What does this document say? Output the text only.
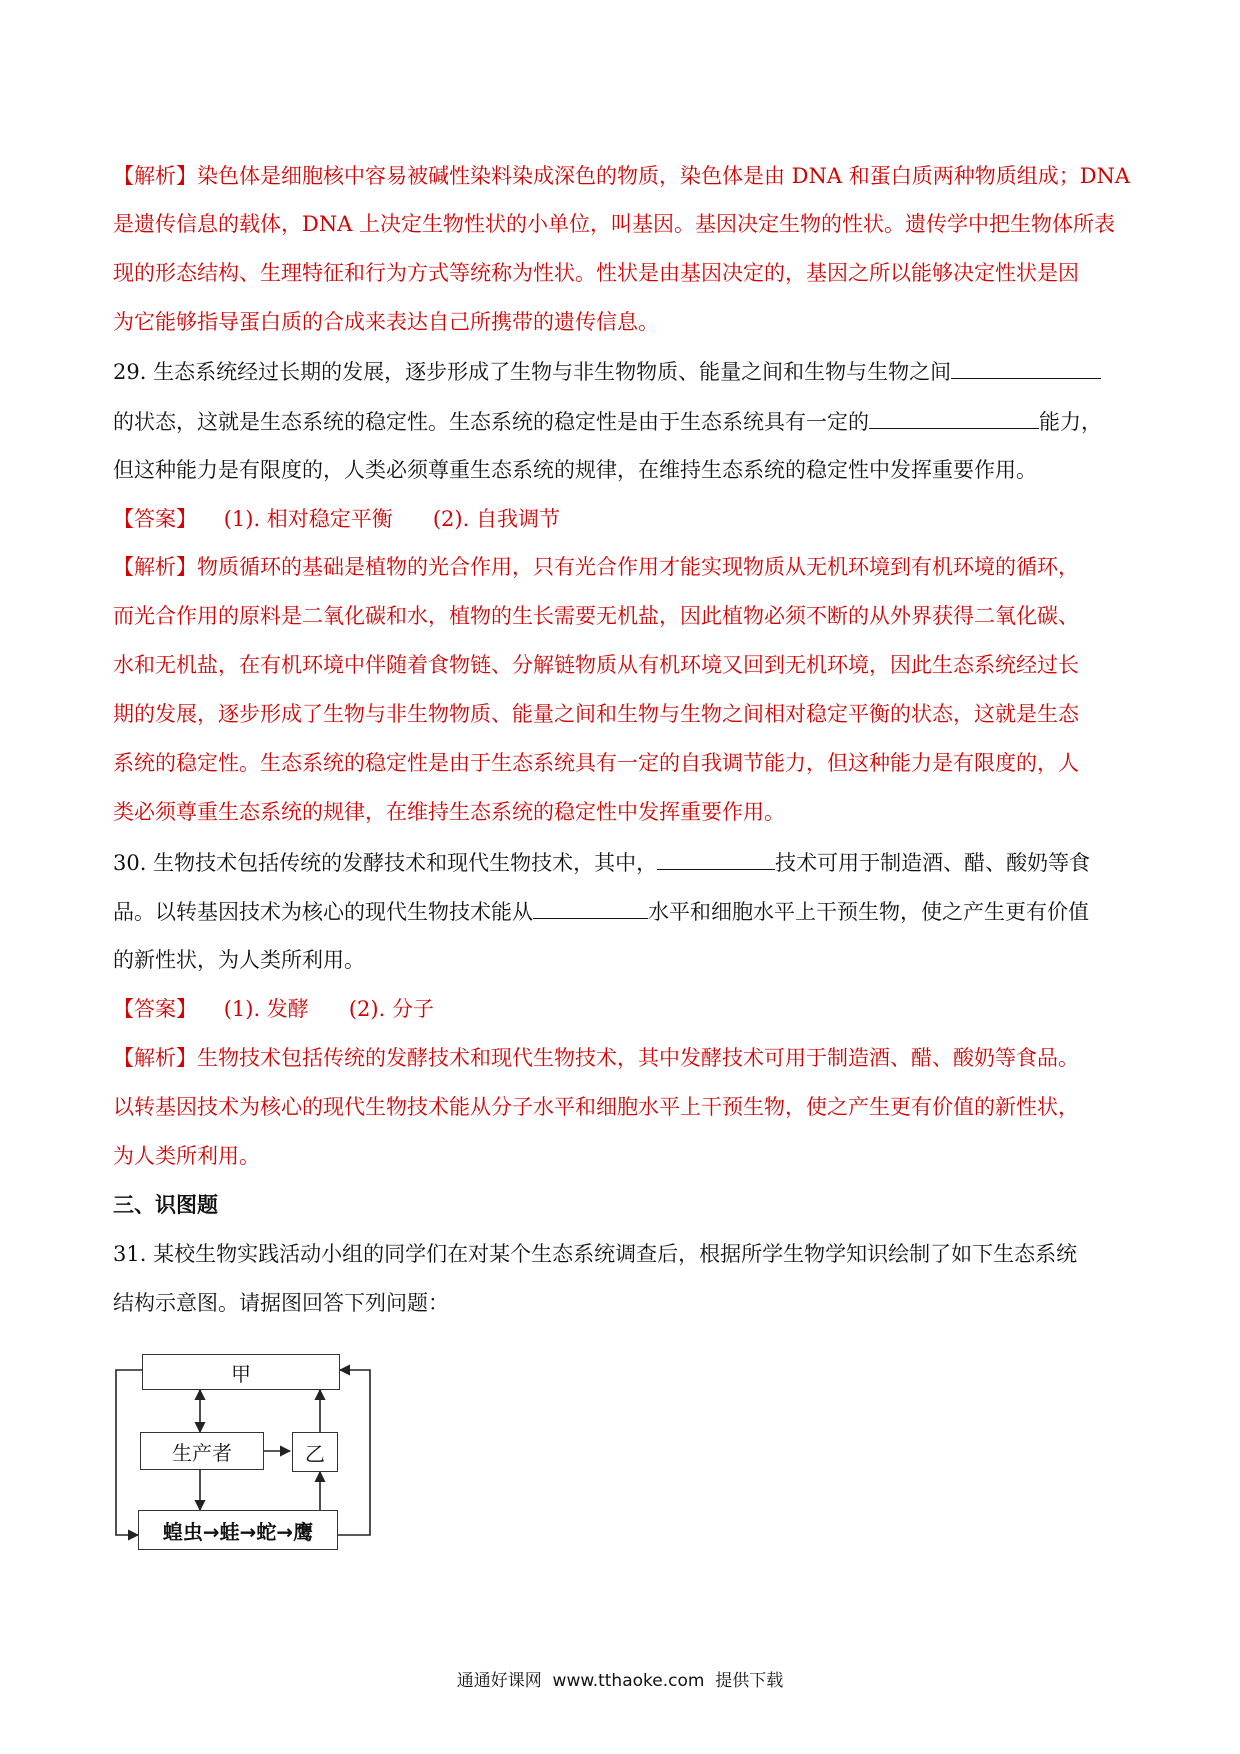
【解析】染色体是细胞核中容易被碱性染料染成深色的物质，染色体是由 DNA 和蛋白质两种物质组成；DNA
是遗传信息的载体，DNA 上决定生物性状的小单位，叫基因。基因决定生物的性状。遗传学中把生物体所表
现的形态结构、生理特征和行为方式等统称为性状。性状是由基因决定的，基因之所以能够决定性状是因
为它能够指导蛋白质的合成来表达自己所携带的遗传信息。
29. 生态系统经过长期的发展，逐步形成了生物与非生物物质、能量之间和生物与生物之间
的状态，这就是生态系统的稳定性。生态系统的稳定性是由于生态系统具有一定的	能力，
但这种能力是有限度的，人类必须尊重生态系统的规律，在维持生态系统的稳定性中发挥重要作用。
【答案】    (1). 相对稳定平衡      (2). 自我调节
【解析】物质循环的基础是植物的光合作用，只有光合作用才能实现物质从无机环境到有机环境的循环，
而光合作用的原料是二氧化碳和水，植物的生长需要无机盐，因此植物必须不断的从外界获得二氧化碳、
水和无机盐，在有机环境中伴随着食物链、分解链物质从有机环境又回到无机环境，因此生态系统经过长
期的发展，逐步形成了生物与非生物物质、能量之间和生物与生物之间相对稳定平衡的状态，这就是生态
系统的稳定性。生态系统的稳定性是由于生态系统具有一定的自我调节能力，但这种能力是有限度的，人
类必须尊重生态系统的规律，在维持生态系统的稳定性中发挥重要作用。
30. 生物技术包括传统的发酵技术和现代生物技术，其中，	技术可用于制造酒、醋、酸奶等食
品。以转基因技术为核心的现代生物技术能从	水平和细胞水平上干预生物，使之产生更有价值
的新性状，为人类所利用。
【答案】    (1). 发酵      (2). 分子
【解析】生物技术包括传统的发酵技术和现代生物技术，其中发酵技术可用于制造酒、醋、酸奶等食品。
以转基因技术为核心的现代生物技术能从分子水平和细胞水平上干预生物，使之产生更有价值的新性状，
为人类所利用。
三、识图题
31. 某校生物实践活动小组的同学们在对某个生态系统调查后，根据所学生物学知识绘制了如下生态系统
结构示意图。请据图回答下列问题：
甲
生产者	乙
蝗虫→蛙→蛇→鹰
通通好课网  www.tthaoke.com  提供下载
